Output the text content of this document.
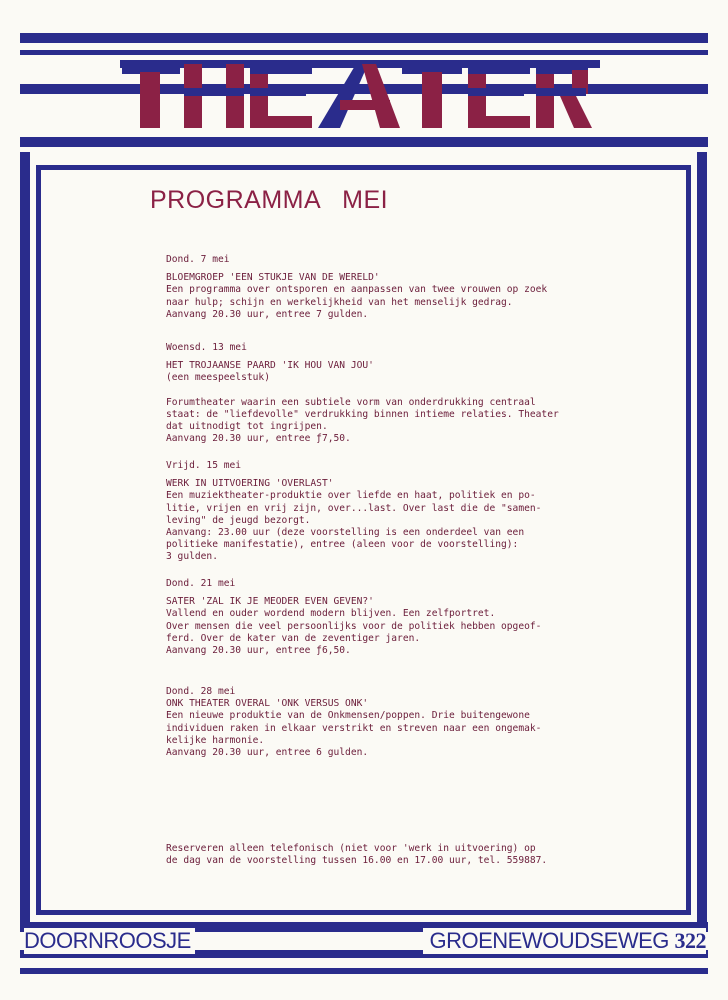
PROGRAMMA   MEI

Dond. 7 mei

BLOEMGROEP 'EEN STUKJE VAN DE WERELD'

Een programma over ontsporen en aanpassen van twee vrouwen op zoek

naar hulp; schijn en werkelijkheid van het menselijk gedrag.

Aanvang 20.30 uur, entree 7 gulden.

Woensd. 13 mei

HET TROJAANSE PAARD 'IK HOU VAN JOU'

(een meespeelstuk)

Forumtheater waarin een subtiele vorm van onderdrukking centraal

staat: de "liefdevolle" verdrukking binnen intieme relaties. Theater

dat uitnodigt tot ingrijpen.

Aanvang 20.30 uur, entree ƒ7,50.

Vrijd. 15 mei

WERK IN UITVOERING 'OVERLAST'

Een muziektheater-produktie over liefde en haat, politiek en po-

litie, vrijen en vrij zijn, over...last. Over last die de "samen-

leving" de jeugd bezorgt.

Aanvang: 23.00 uur (deze voorstelling is een onderdeel van een

politieke manifestatie), entree (aleen voor de voorstelling):

3 gulden.

Dond. 21 mei

SATER 'ZAL IK JE MEODER EVEN GEVEN?'

Vallend en ouder wordend modern blijven. Een zelfportret.

Over mensen die veel persoonlijks voor de politiek hebben opgeof-

ferd. Over de kater van de zeventiger jaren.

Aanvang 20.30 uur, entree ƒ6,50.

Dond. 28 mei

ONK THEATER OVERAL 'ONK VERSUS ONK'

Een nieuwe produktie van de Onkmensen/poppen. Drie buitengewone

individuen raken in elkaar verstrikt en streven naar een ongemak-

kelijke harmonie.

Aanvang 20.30 uur, entree 6 gulden.

Reserveren alleen telefonisch (niet voor 'werk in uitvoering) op

de dag van de voorstelling tussen 16.00 en 17.00 uur, tel. 559887.

DOORNROOSJE	GROENEWOUDSEWEG 322
